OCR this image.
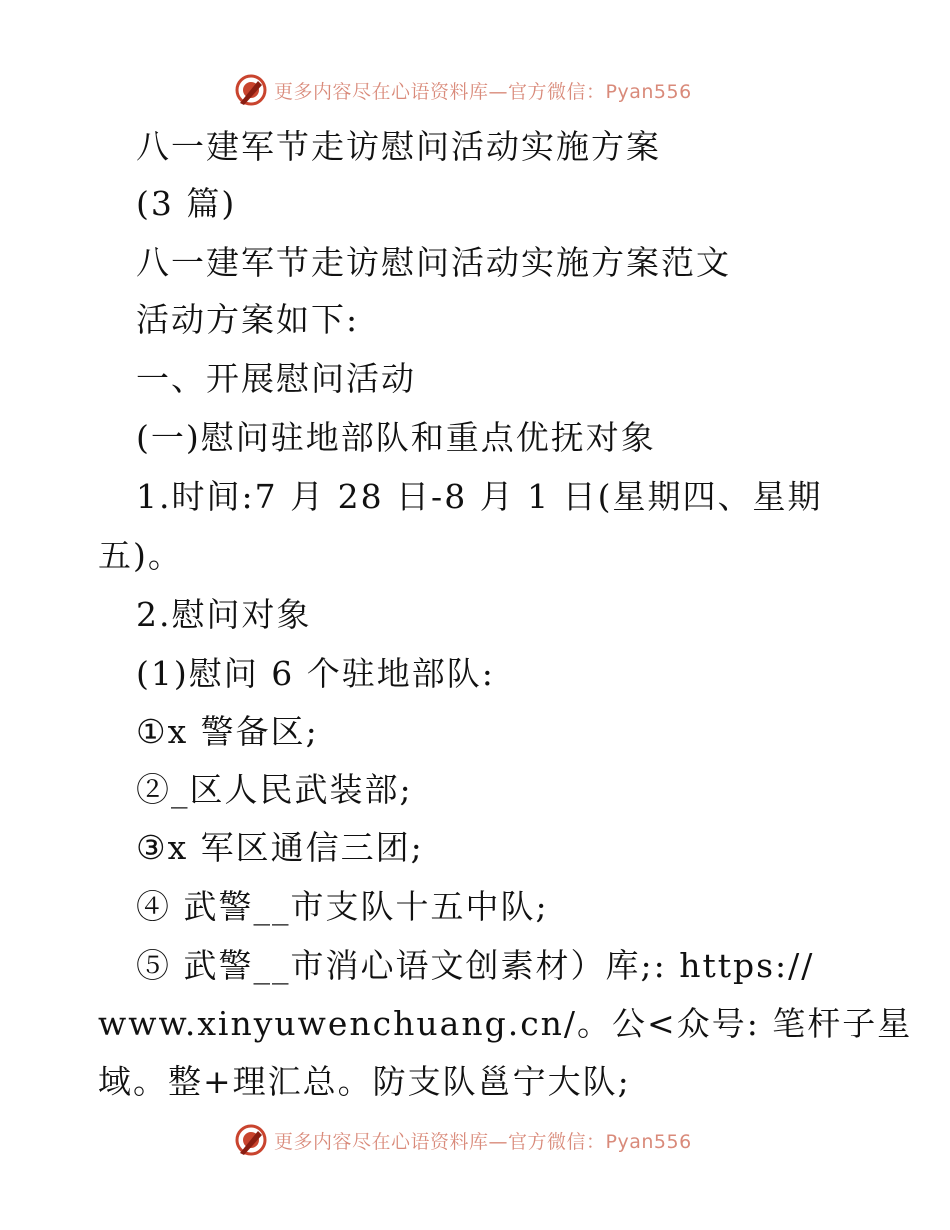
更多内容尽在心语资料库—官方微信：Pyan556
八一建军节走访慰问活动实施方案
(3 篇)
八一建军节走访慰问活动实施方案范文
活动方案如下:
一、开展慰问活动
(一)慰问驻地部队和重点优抚对象
1.时间:7 月 28 日-8 月 1 日(星期四、星期
五)。
2.慰问对象
(1)慰问 6 个驻地部队:
①x 警备区;
②_区人民武装部;
③x 军区通信三团;
④ 武警__市支队十五中队;
⑤ 武警__市消心语文创素材）库;: https://
www.xinyuwenchuang.cn/。公<众号: 笔杆子星
域。整+理汇总。防支队邕宁大队;
更多内容尽在心语资料库—官方微信：Pyan556
